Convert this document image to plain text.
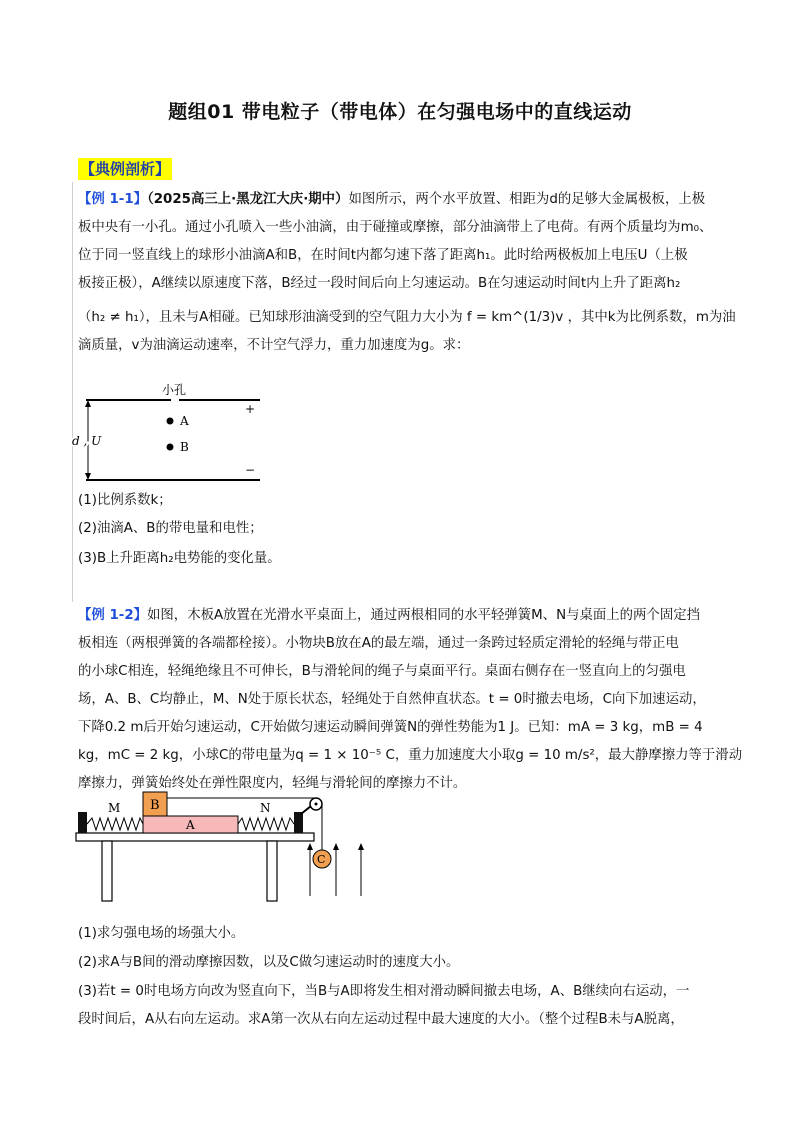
题组01 带电粒子（带电体）在匀强电场中的直线运动
【典例剖析】
【例 1-1】（2025高三上·黑龙江大庆·期中）如图所示，两个水平放置、相距为d的足够大金属极板，上极
板中央有一小孔。通过小孔喷入一些小油滴，由于碰撞或摩擦，部分油滴带上了电荷。有两个质量均为m₀、
位于同一竖直线上的球形小油滴A和B，在时间t内都匀速下落了距离h₁。此时给两极板加上电压U（上极
板接正极），A继续以原速度下落，B经过一段时间后向上匀速运动。B在匀速运动时间t内上升了距离h₂
（h₂ ≠ h₁），且未与A相碰。已知球形油滴受到的空气阻力大小为 f = km^(1/3)v ，其中k为比例系数，m为油
滴质量，v为油滴运动速率，不计空气浮力，重力加速度为g。求：
小孔
+
−
A
B
d , U
(1)比例系数k；
(2)油滴A、B的带电量和电性；
(3)B上升距离h₂电势能的变化量。
【例 1-2】如图，木板A放置在光滑水平桌面上，通过两根相同的水平轻弹簧M、N与桌面上的两个固定挡
板相连（两根弹簧的各端都栓接）。小物块B放在A的最左端，通过一条跨过轻质定滑轮的轻绳与带正电
的小球C相连，轻绳绝缘且不可伸长，B与滑轮间的绳子与桌面平行。桌面右侧存在一竖直向上的匀强电
场，A、B、C均静止，M、N处于原长状态，轻绳处于自然伸直状态。t = 0时撤去电场，C向下加速运动，
下降0.2 m后开始匀速运动，C开始做匀速运动瞬间弹簧N的弹性势能为1 J。已知：mA = 3 kg，mB = 4
kg，mC = 2 kg，小球C的带电量为q = 1 × 10⁻⁵ C，重力加速度大小取g = 10 m/s²，最大静摩擦力等于滑动
摩擦力，弹簧始终处在弹性限度内，轻绳与滑轮间的摩擦力不计。
M
A
B	N
C
(1)求匀强电场的场强大小。
(2)求A与B间的滑动摩擦因数，以及C做匀速运动时的速度大小。
(3)若t = 0时电场方向改为竖直向下，当B与A即将发生相对滑动瞬间撤去电场，A、B继续向右运动，一
段时间后，A从右向左运动。求A第一次从右向左运动过程中最大速度的大小。（整个过程B未与A脱离，
